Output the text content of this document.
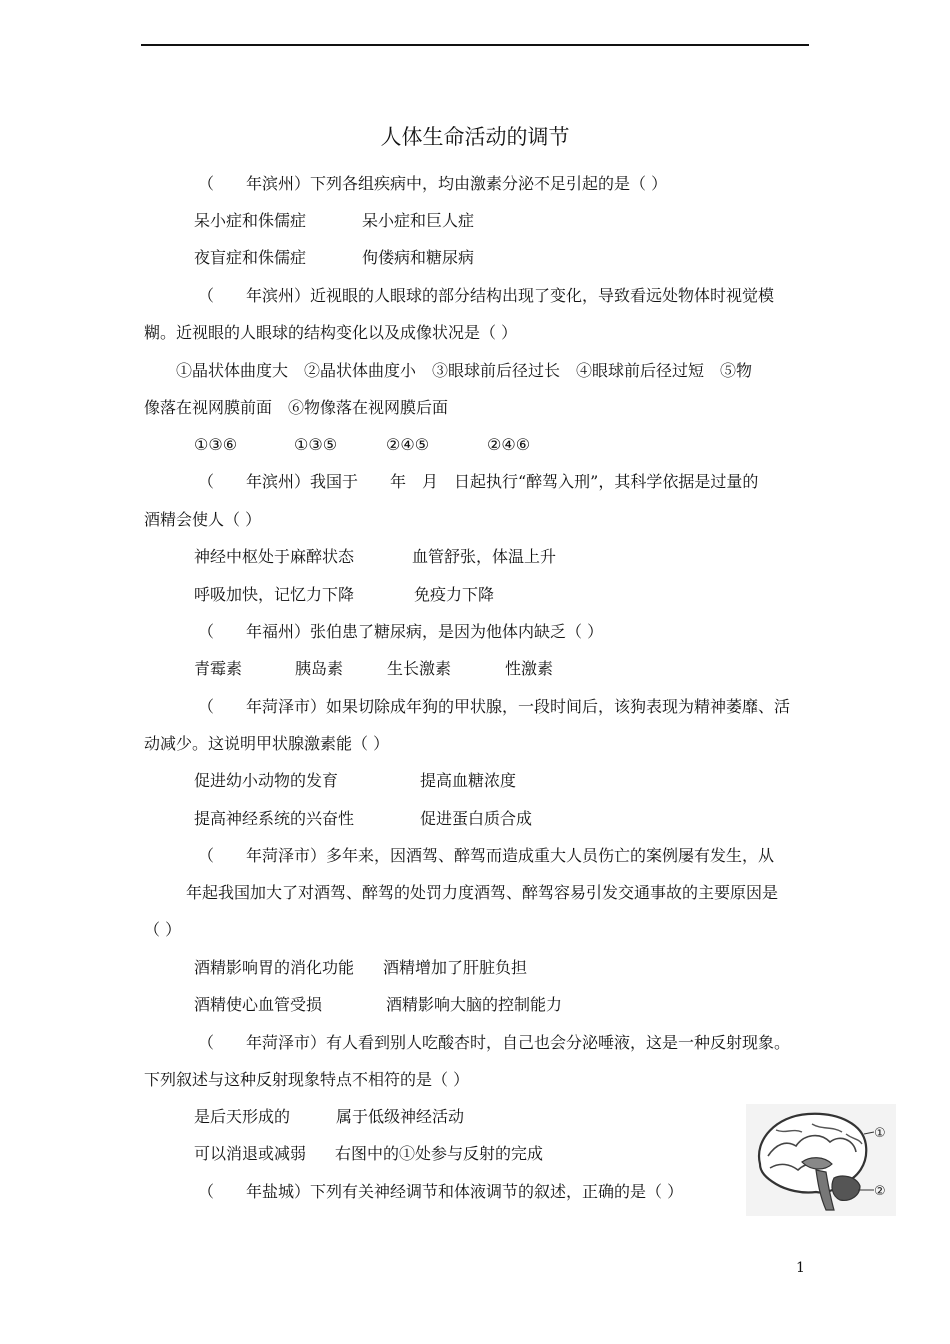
人体生命活动的调节
（　　年滨州）下列各组疾病中，均由激素分泌不足引起的是（ ）
呆小症和侏儒症	呆小症和巨人症
夜盲症和侏儒症	佝偻病和糖尿病
（　　年滨州）近视眼的人眼球的部分结构出现了变化，导致看远处物体时视觉模
糊。近视眼的人眼球的结构变化以及成像状况是（ ）
①晶状体曲度大　②晶状体曲度小　③眼球前后径过长　④眼球前后径过短　⑤物
像落在视网膜前面　⑥物像落在视网膜后面
①③⑥	①③⑤	②④⑤	②④⑥
（　　年滨州）我国于　　年　月　日起执行“醉驾入刑”，其科学依据是过量的
酒精会使人（ ）
神经中枢处于麻醉状态	血管舒张，体温上升
呼吸加快，记忆力下降	免疫力下降
（　　年福州）张伯患了糖尿病，是因为他体内缺乏（ ）
青霉素	胰岛素	生长激素	性激素
（　　年菏泽市）如果切除成年狗的甲状腺，一段时间后，该狗表现为精神萎靡、活
动减少。这说明甲状腺激素能（ ）
促进幼小动物的发育	提高血糖浓度
提高神经系统的兴奋性	促进蛋白质合成
（　　年菏泽市）多年来，因酒驾、醉驾而造成重大人员伤亡的案例屡有发生，从
年起我国加大了对酒驾、醉驾的处罚力度酒驾、醉驾容易引发交通事故的主要原因是
（ ）
酒精影响胃的消化功能 酒精增加了肝脏负担
酒精使心血管受损	酒精影响大脑的控制能力
（　　年菏泽市）有人看到别人吃酸杏时，自己也会分泌唾液，这是一种反射现象。
下列叙述与这种反射现象特点不相符的是（ ）
是后天形成的	属于低级神经活动
可以消退或减弱 右图中的①处参与反射的完成
（　　年盐城）下列有关神经调节和体液调节的叙述，正确的是（ ）
①
②
1
